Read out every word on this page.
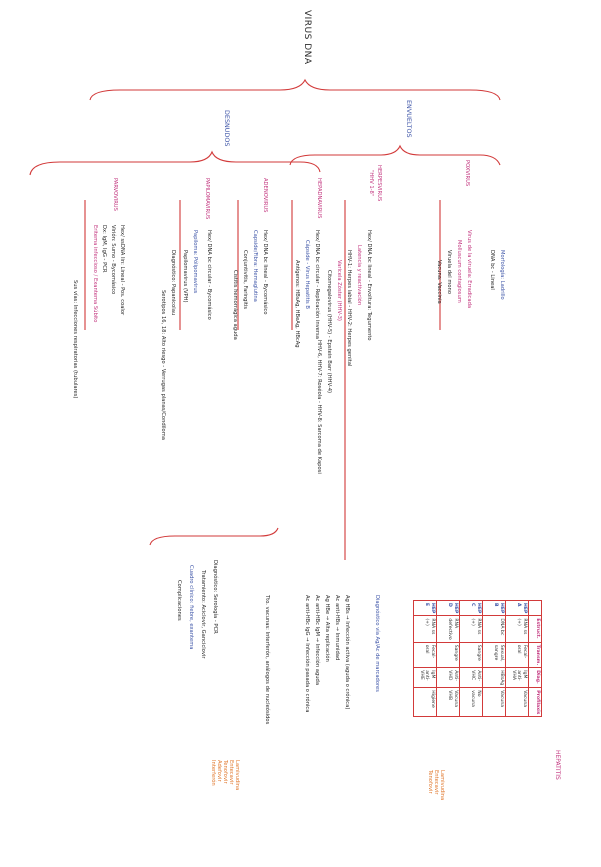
VIRUS DNA
DESNUDOS	ENVUELTOS
PARVOVIRUS	PAPILOMAVIRUS	ADENOVIRUS	HEPADNAVIRUS	HERPESVIRUS
"HHV 1-8"	POXVIRUS
Hex/ ssDNA lin: Lineal - Pos. coalor
Virión: Sumo - Bycomásico
Dx: IgM, IgG - PCR
Eritema infeccioso / Exantema Súbito
Sus vías: Infecciones respiratorias (tubulares)
Hex/ DNA bc circular - Bycomásico
Papiloma: Pólipomavirus
Papilomavirus (VPH)
Diagnóstico: Papanicolau
Serotipos 16, 18: Alto riesgo - Verrugas planas/Condiloma
Hex/ DNA bc lineal - Bycomásico
Capside/Fibra: Hemaglutina
Conjuntivitis, Faringitis
Cistitis hemorrágica aguda	Hex/ DNA bc circular - Replicación inversa
Cápside - Virus Hepatitis B
Antígenos: HBsAg, HBeAg, HBcAg	Hex/ DNA bc lineal - Envoltura: Tegumento
Latencia y reactivación
HHV-1: Herpes labial - HHV-2: Herpes genital
Varicela Zóster (HHV-3)
Citomegalovirus (HHV-5) - Epstein Barr (HHV-4)
HHV-6, HHV-7: Roséola - HHV-8: Sarcoma de Kaposi
Morfología: Ladrillo
DNA bc - Lineal
Virus de la viruela: Erradicada
Molluscum contagiosum
Viruela del mono
Vacuna: Vaccinia
Diagnóstico: Serología - PCR
Tratamiento: Aciclovir, Ganciclovir
Cuadro clínico: fiebre, exantema
Complicaciones	Diagnóstico vía Ag/Ac de marcadores
Ag HBs → Infección activa (aguda o crónica)
Ac anti-HBs → Inmunidad
Ag HBe → Alta replicación
Ac anti-HBc IgM → Infección aguda
Ac anti-HBc IgG → Infección pasada o crónica
Tto. vacunas: Interferón, análogos de nucleósidos
Lamivudina
Entecavir
Tenofovir
Adefovir
Interferón	Lamivudina
Entecavir
Tenofovir
HEPATITIS
	Estruct.	Transm.	Diag.	Profilaxis
HEP A	RNA ss (+)	Fecal-oral	IgM anti-VHA	Vacuna
HEP B	DNA bc	Sexual, sangre	HBsAg	Vacuna
HEP C	RNA ss (+)	Sangre	Anti-VHC	No vacuna
HEP D	RNA defectivo	Sangre	Anti-VHD	Vacuna VHB
HEP E	RNA ss (+)	Fecal-oral	IgM anti-VHE	Higiene
